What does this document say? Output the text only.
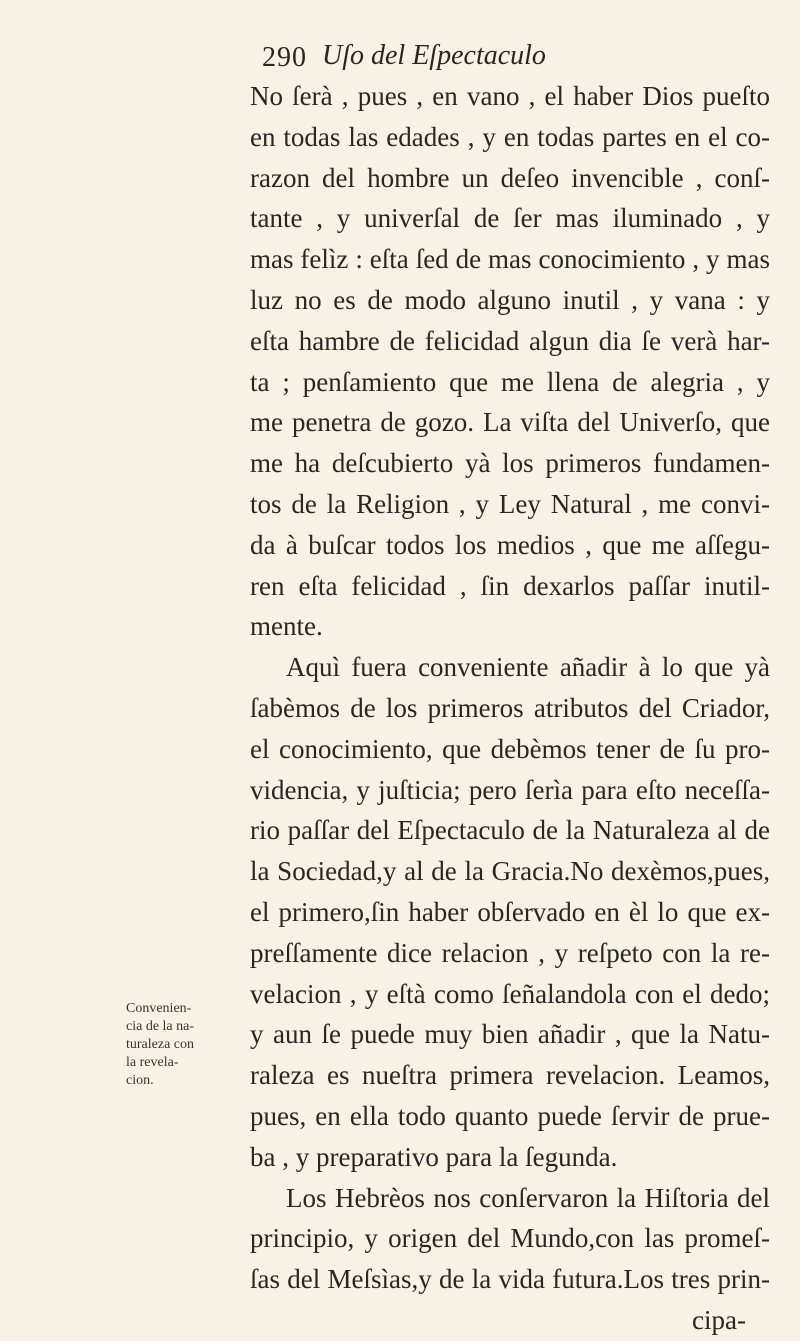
290 Uſo del Eſpectaculo
No ſerà , pues , en vano , el haber Dios pueſto
en todas las edades , y en todas partes en el co-
razon del hombre un deſeo invencible , conſ-
tante , y univerſal de ſer mas iluminado , y
mas felìz : eſta ſed de mas conocimiento , y mas
luz no es de modo alguno inutil , y vana : y
eſta hambre de felicidad algun dia ſe verà har-
ta ; penſamiento que me llena de alegria , y
me penetra de gozo. La viſta del Univerſo, que
me ha deſcubierto yà los primeros fundamen-
tos de la Religion , y Ley Natural , me convi-
da à buſcar todos los medios , que me aſſegu-
ren eſta felicidad , ſin dexarlos paſſar inutil-
mente.
Aquì fuera conveniente añadir à lo que yà
ſabèmos de los primeros atributos del Criador,
el conocimiento, que debèmos tener de ſu pro-
videncia, y juſticia; pero ſerìa para eſto neceſſa-
rio paſſar del Eſpectaculo de la Naturaleza al de
la Sociedad,y al de la Gracia.No dexèmos,pues,
el primero,ſin haber obſervado en èl lo que ex-
preſſamente dice relacion , y reſpeto con la re-
velacion , y eſtà como ſeñalandola con el dedo;
y aun ſe puede muy bien añadir , que la Natu-
raleza es nueſtra primera revelacion. Leamos,
pues, en ella todo quanto puede ſervir de prue-
ba , y preparativo para la ſegunda.
Los Hebrèos nos conſervaron la Hiſtoria del
principio, y origen del Mundo,con las promeſ-
ſas del Meſsìas,y de la vida futura.Los tres prin-
cipa-
Convenien-
cia de la na-
turaleza con
la revela-
cion.
